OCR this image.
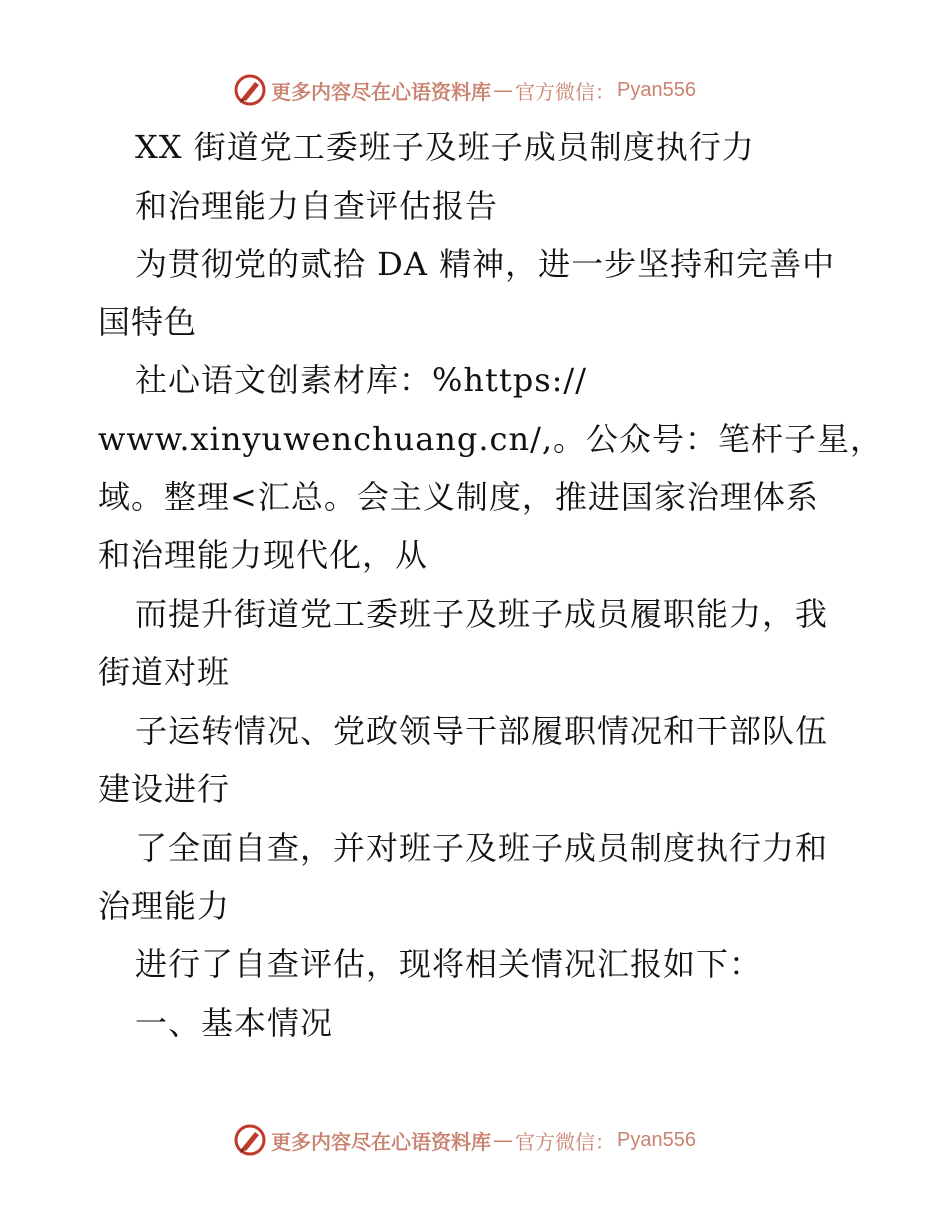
更多内容尽在心语资料库 — 官方微信： Pyan556
XX 街道党工委班子及班子成员制度执行力
和治理能力自查评估报告
为贯彻党的贰拾 DA 精神，进一步坚持和完善中
国特色
社心语文创素材库：%https://
www.xinyuwenchuang.cn/,。公众号：笔杆子星，
域。整理<汇总。会主义制度，推进国家治理体系
和治理能力现代化，从
而提升街道党工委班子及班子成员履职能力，我
街道对班
子运转情况、党政领导干部履职情况和干部队伍
建设进行
了全面自查，并对班子及班子成员制度执行力和
治理能力
进行了自查评估，现将相关情况汇报如下：
一、基本情况
更多内容尽在心语资料库 — 官方微信： Pyan556
